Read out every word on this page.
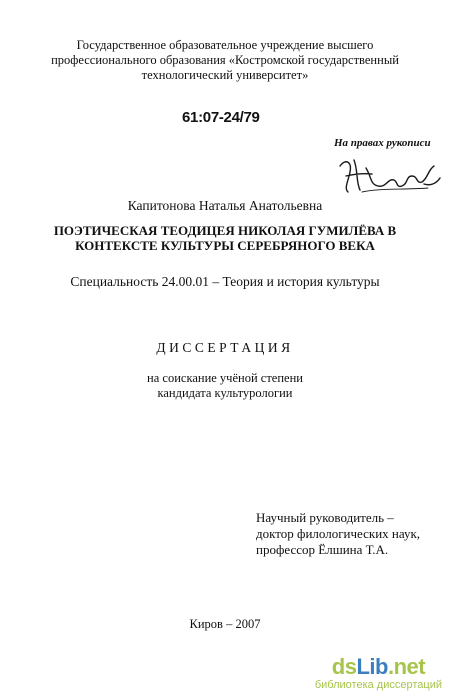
Государственное образовательное учреждение высшего
профессионального образования «Костромской государственный
технологический университет»
61:07-24/79
На правах рукописи
Капитонова Наталья Анатольевна
ПОЭТИЧЕСКАЯ ТЕОДИЦЕЯ НИКОЛАЯ ГУМИЛЁВА В
КОНТЕКСТЕ КУЛЬТУРЫ СЕРЕБРЯНОГО ВЕКА
Специальность 24.00.01 – Теория и история культуры
ДИССЕРТАЦИЯ
на соискание учёной степени
кандидата культурологии
Научный руководитель –
доктор филологических наук,
профессор Ёлшина Т.А.
Киров – 2007
dsLib.net
библиотека диссертаций
